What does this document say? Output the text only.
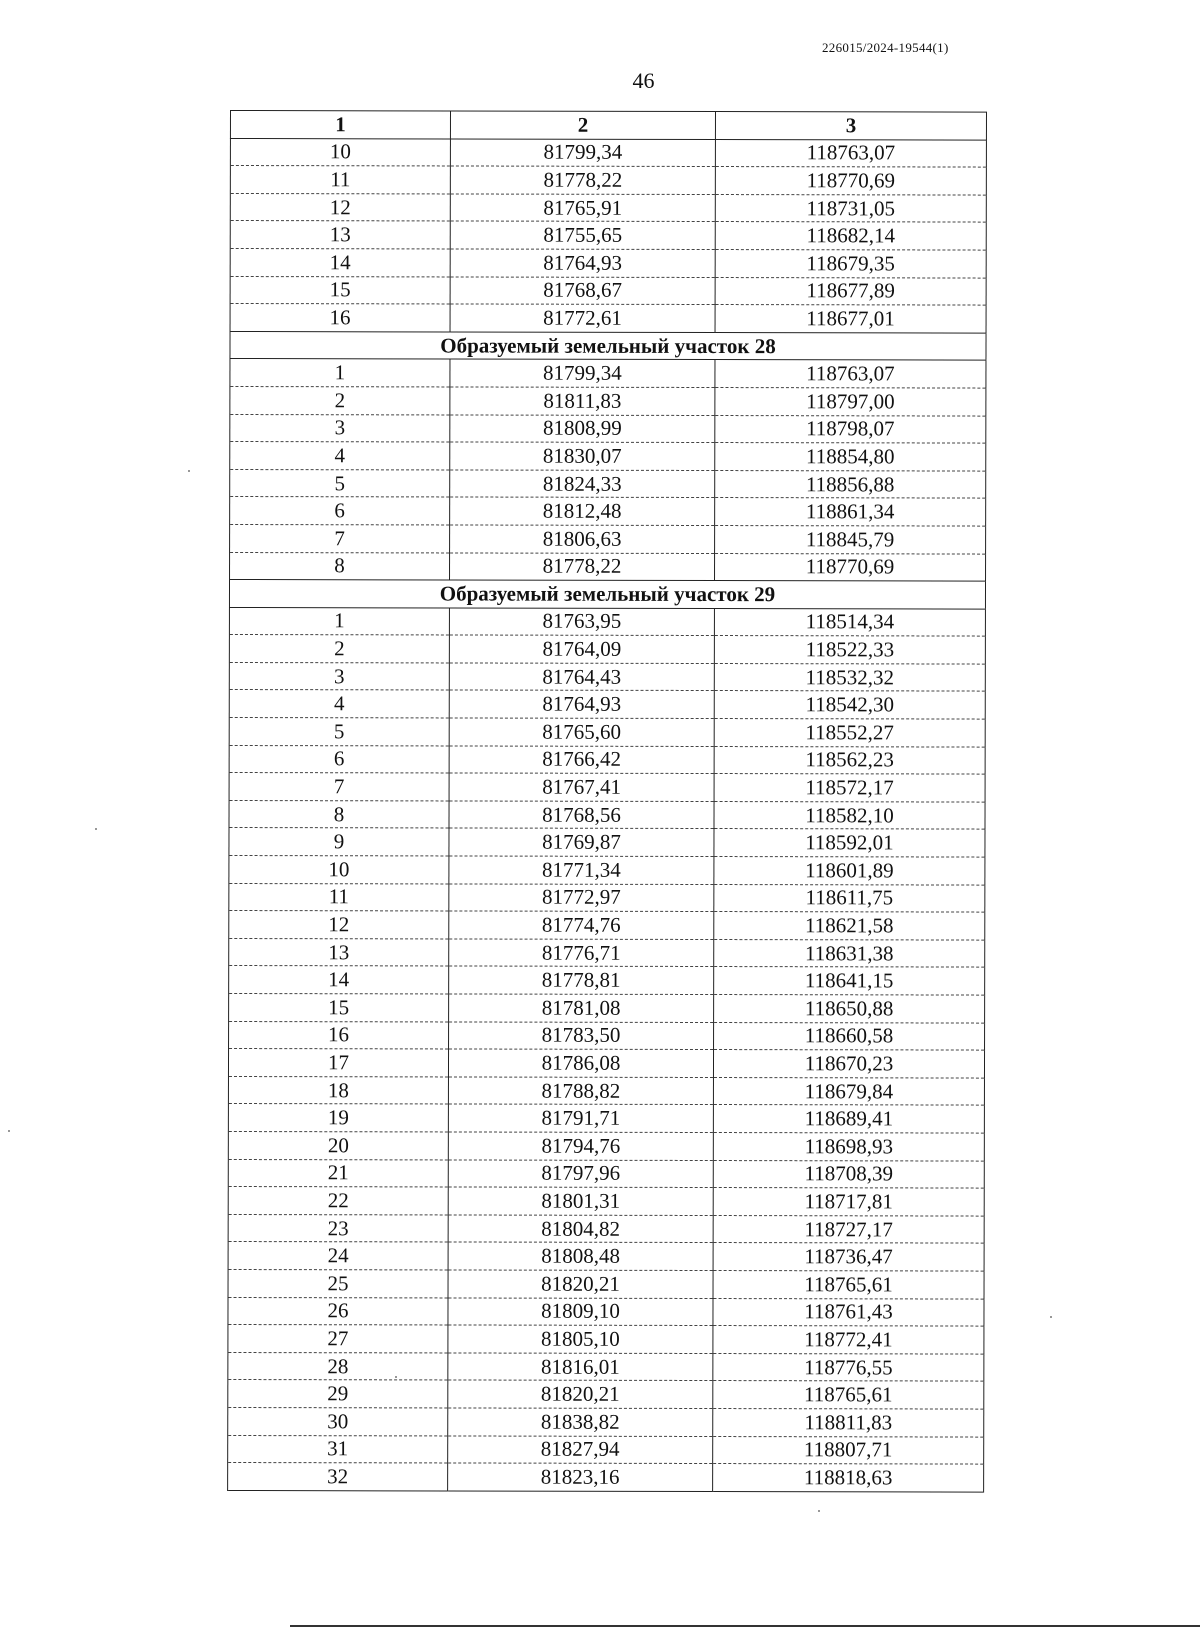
226015/2024-19544(1)
46
1	2	3
10	81799,34	118763,07
11	81778,22	118770,69
12	81765,91	118731,05
13	81755,65	118682,14
14	81764,93	118679,35
15	81768,67	118677,89
16	81772,61	118677,01
Образуемый земельный участок 28		
1	81799,34	118763,07
2	81811,83	118797,00
3	81808,99	118798,07
4	81830,07	118854,80
5	81824,33	118856,88
6	81812,48	118861,34
7	81806,63	118845,79
8	81778,22	118770,69
Образуемый земельный участок 29		
1	81763,95	118514,34
2	81764,09	118522,33
3	81764,43	118532,32
4	81764,93	118542,30
5	81765,60	118552,27
6	81766,42	118562,23
7	81767,41	118572,17
8	81768,56	118582,10
9	81769,87	118592,01
10	81771,34	118601,89
11	81772,97	118611,75
12	81774,76	118621,58
13	81776,71	118631,38
14	81778,81	118641,15
15	81781,08	118650,88
16	81783,50	118660,58
17	81786,08	118670,23
18	81788,82	118679,84
19	81791,71	118689,41
20	81794,76	118698,93
21	81797,96	118708,39
22	81801,31	118717,81
23	81804,82	118727,17
24	81808,48	118736,47
25	81820,21	118765,61
26	81809,10	118761,43
27	81805,10	118772,41
28	81816,01	118776,55
29	81820,21	118765,61
30	81838,82	118811,83
31	81827,94	118807,71
32	81823,16	118818,63
